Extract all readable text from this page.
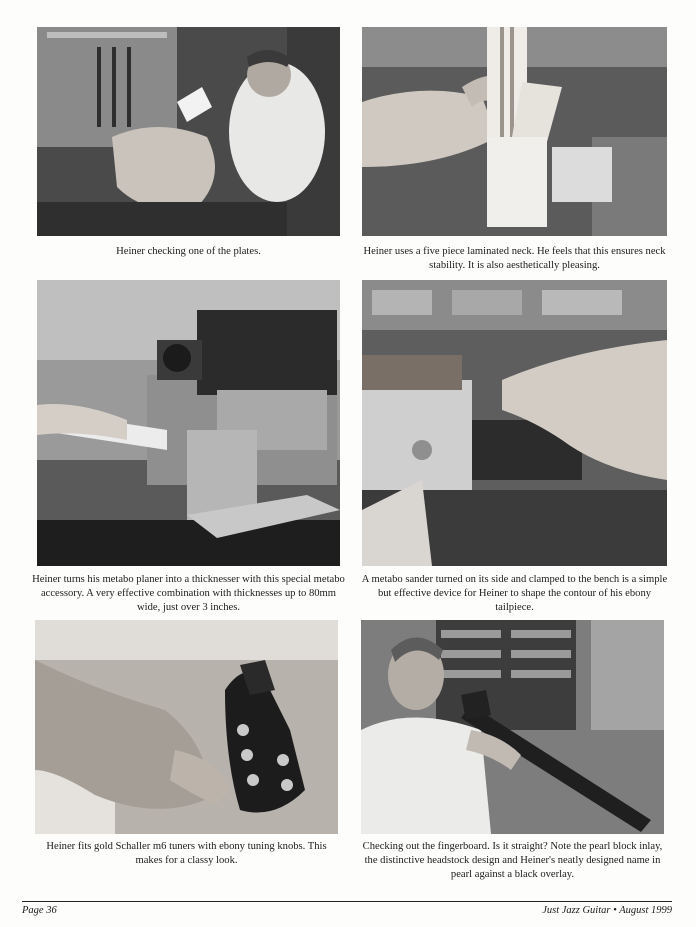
Heiner checking one of the plates.	Heiner uses a five piece laminated neck. He feels that this ensures neck stability. It is also aesthetically pleasing.
Heiner turns his metabo planer into a thicknesser with this special metabo accessory. A very effective combination with thicknesses up to 80mm wide, just over 3 inches.
A metabo sander turned on its side and clamped to the bench is a simple but effective device for Heiner to shape the contour of his ebony tailpiece.
Heiner fits gold Schaller m6 tuners with ebony tuning knobs. This makes for a classy look.
Checking out the fingerboard. Is it straight? Note the pearl block inlay, the distinctive headstock design and Heiner's neatly designed name in pearl against a black overlay.
Page 36	Just Jazz Guitar • August 1999
